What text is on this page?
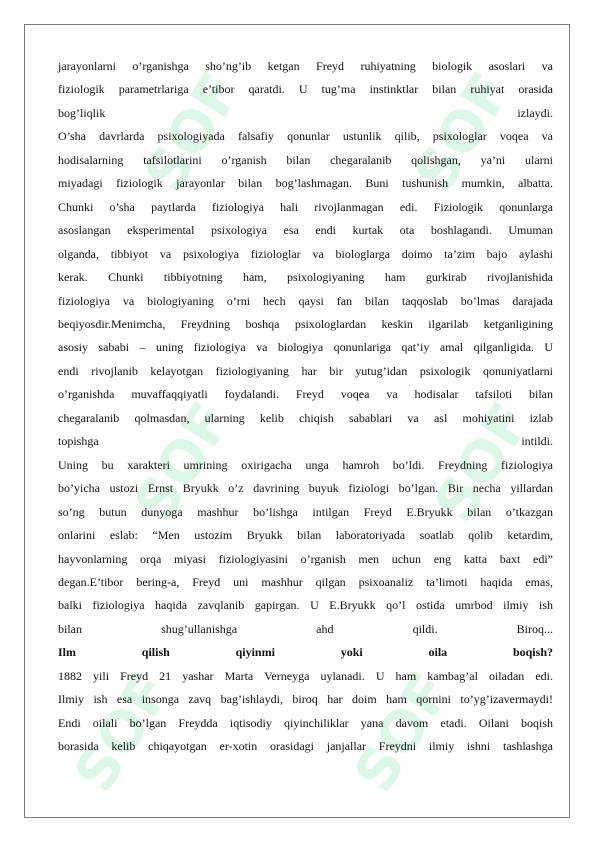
SOF	SOF
SOF	SOF
SOF	SOF

jarayonlarni o’rganishga sho’ng’ib ketgan Freyd ruhiyatning biologik asoslari va

fiziologik parametrlariga e’tibor qaratdi. U tug’ma instinktlar bilan ruhiyat orasida

bog’liqlik izlaydi.

O’sha davrlarda psixologiyada falsafiy qonunlar ustunlik qilib, psixologlar voqea va

hodisalarning tafsilotlarini o’rganish bilan chegaralanib qolishgan, ya’ni ularni

miyadagi fiziologik jarayonlar bilan bog’lashmagan. Buni tushunish mumkin, albatta.

Chunki o’sha paytlarda fiziologiya hali rivojlanmagan edi. Fiziologik qonunlarga

asoslangan eksperimental psixologiya esa endi kurtak ota boshlagandi. Umuman

olganda, tibbiyot va psixologiya fiziologlar va biologlarga doimo ta’zim bajo aylashi

kerak. Chunki tibbiyotning ham, psixologiyaning ham gurkirab rivojlanishida

fiziologiya va biologiyaning o’rni hech qaysi fan bilan taqqoslab bo’lmas darajada

beqiyosdir.Menimcha, Freydning boshqa psixologlardan keskin ilgarilab ketganligining

asosiy sababi – uning fiziologiya va biologiya qonunlariga qat’iy amal qilganligida. U

endi rivojlanib kelayotgan fiziologiyaning har bir yutug’idan psixologik qonuniyatlarni

o’rganishda muvaffaqqiyatli foydalandi. Freyd voqea va hodisalar tafsiloti bilan

chegaralanib qolmasdan, ularning kelib chiqish sabablari va asl mohiyatini izlab

topishga intildi.

Uning bu xarakteri umrining oxirigacha unga hamroh bo’ldi. Freydning fiziologiya

bo’yicha ustozi Ernst Bryukk o’z davrining buyuk fiziologi bo’lgan. Bir necha yillardan

so’ng butun dunyoga mashhur bo’lishga intilgan Freyd E.Bryukk bilan o’tkazgan

onlarini eslab: “Men ustozim Bryukk bilan laboratoriyada soatlab qolib ketardim,

hayvonlarning orqa miyasi fiziologiyasini o’rganish men uchun eng katta baxt edi”

degan.E’tibor bering-a, Freyd uni mashhur qilgan psixoanaliz ta’limoti haqida emas,

balki fiziologiya haqida zavqlanib gapirgan. U E.Bryukk qo’l ostida umrbod ilmiy ish

bilan shug’ullanishga ahd qildi. Biroq...

Ilm qilish qiyinmi yoki oila boqish?

1882 yili Freyd 21 yashar Marta Verneyga uylanadi. U ham kambag’al oiladan edi.

Ilmiy ish esa insonga zavq bag’ishlaydi, biroq har doim ham qornini to’yg’izavermaydi!

Endi oilali bo’lgan Freydda iqtisodiy qiyinchiliklar yana davom etadi. Oilani boqish

borasida kelib chiqayotgan er-xotin orasidagi janjallar Freydni ilmiy ishni tashlashga
